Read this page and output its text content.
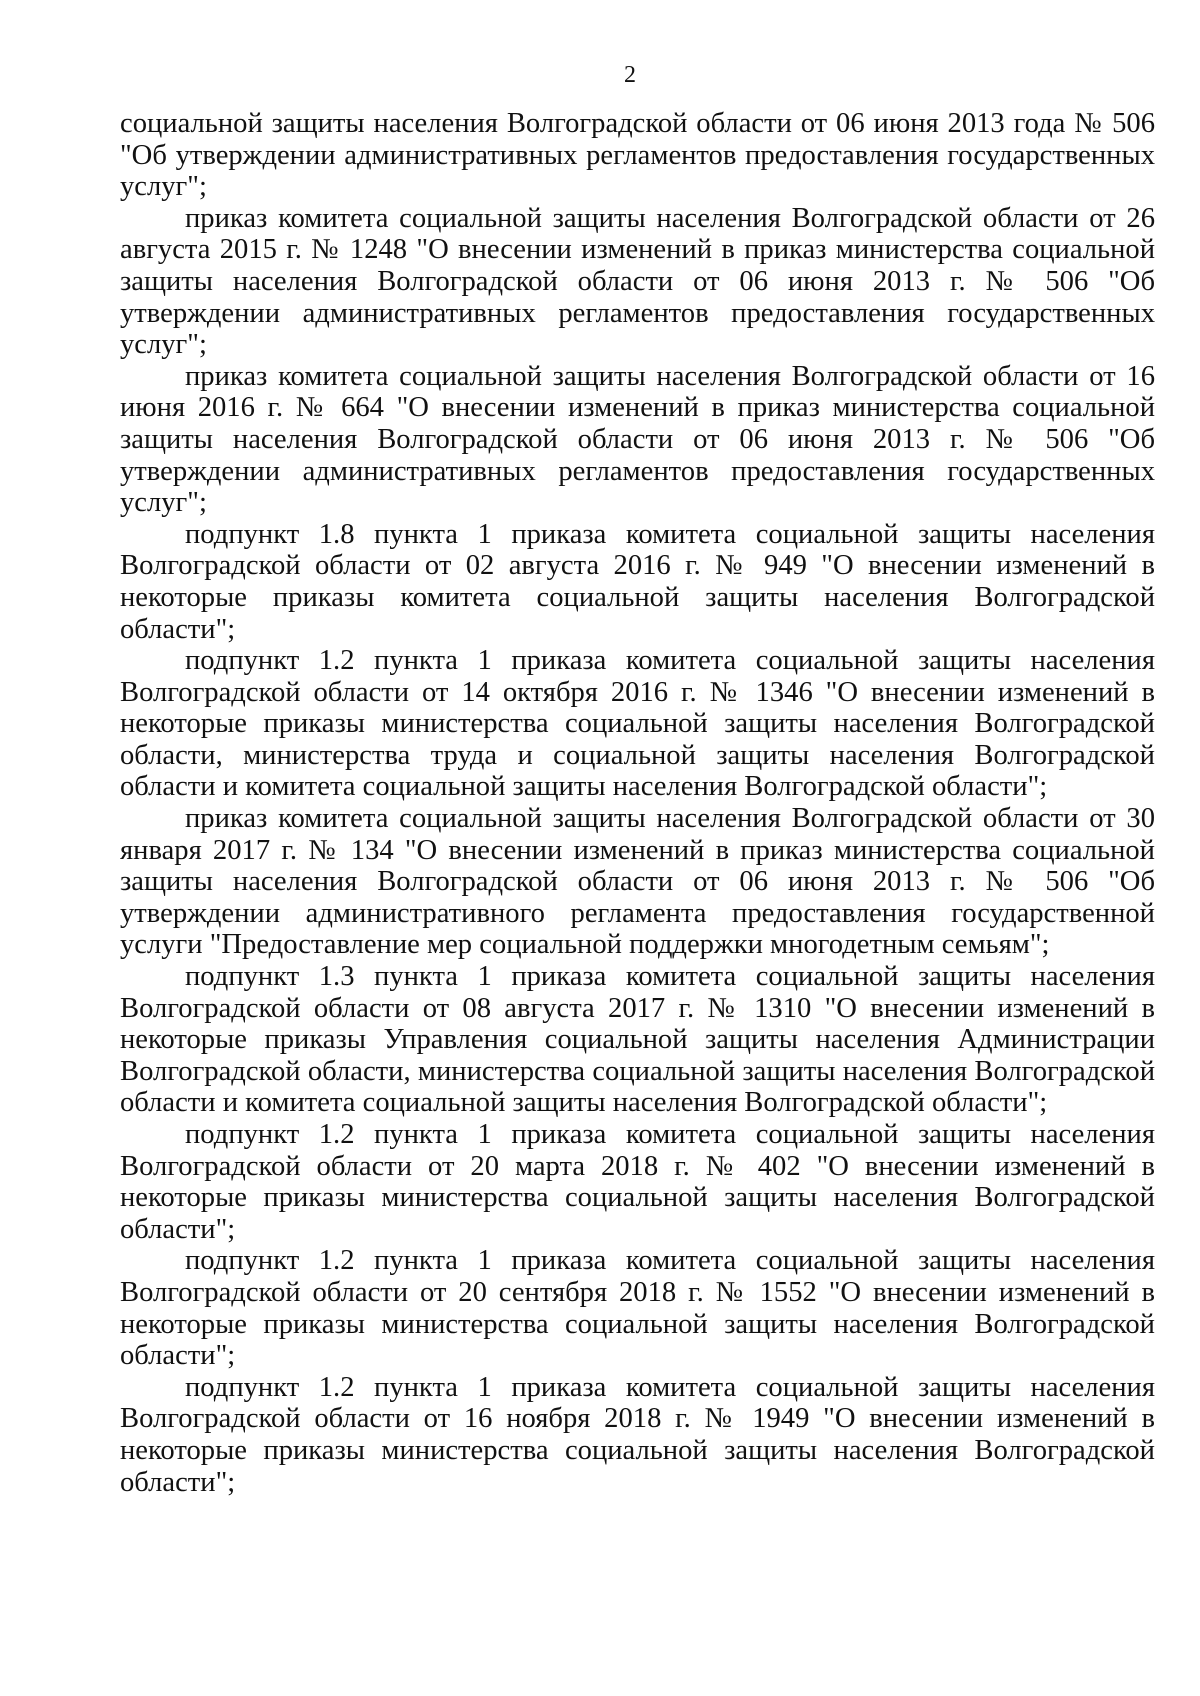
2

социальной защиты населения Волгоградской области от 06 июня 2013 года № 506 "Об утверждении административных регламентов предоставления государственных услуг";

приказ комитета социальной защиты населения Волгоградской области от 26 августа 2015 г. № 1248 "О внесении изменений в приказ министерства социальной защиты населения Волгоградской области от 06 июня 2013 г. № 506 "Об утверждении административных регламентов предоставления государственных услуг";

приказ комитета социальной защиты населения Волгоградской области от 16 июня 2016 г. № 664 "О внесении изменений в приказ министерства социальной защиты населения Волгоградской области от 06 июня 2013 г. № 506 "Об утверждении административных регламентов предоставления государственных услуг";

подпункт 1.8 пункта 1 приказа комитета социальной защиты населения Волгоградской области от 02 августа 2016 г. № 949 "О внесении изменений в некоторые приказы комитета социальной защиты населения Волгоградской области";

подпункт 1.2 пункта 1 приказа комитета социальной защиты населения Волгоградской области от 14 октября 2016 г. № 1346 "О внесении изменений в некоторые приказы министерства социальной защиты населения Волгоградской области, министерства труда и социальной защиты населения Волгоградской области и комитета социальной защиты населения Волгоградской области";

приказ комитета социальной защиты населения Волгоградской области от 30 января 2017 г. № 134 "О внесении изменений в приказ министерства социальной защиты населения Волгоградской области от 06 июня 2013 г. № 506 "Об утверждении административного регламента предоставления государственной услуги "Предоставление мер социальной поддержки многодетным семьям";

подпункт 1.3 пункта 1 приказа комитета социальной защиты населения Волгоградской области от 08 августа 2017 г. № 1310 "О внесении изменений в некоторые приказы Управления социальной защиты населения Администрации Волгоградской области, министерства социальной защиты населения Волгоградской области и комитета социальной защиты населения Волгоградской области";

подпункт 1.2 пункта 1 приказа комитета социальной защиты населения Волгоградской области от 20 марта 2018 г. № 402 "О внесении изменений в некоторые приказы министерства социальной защиты населения Волгоградской области";

подпункт 1.2 пункта 1 приказа комитета социальной защиты населения Волгоградской области от 20 сентября 2018 г. № 1552 "О внесении изменений в некоторые приказы министерства социальной защиты населения Волгоградской области";

подпункт 1.2 пункта 1 приказа комитета социальной защиты населения Волгоградской области от 16 ноября 2018 г. № 1949 "О внесении изменений в некоторые приказы министерства социальной защиты населения Волгоградской области";
